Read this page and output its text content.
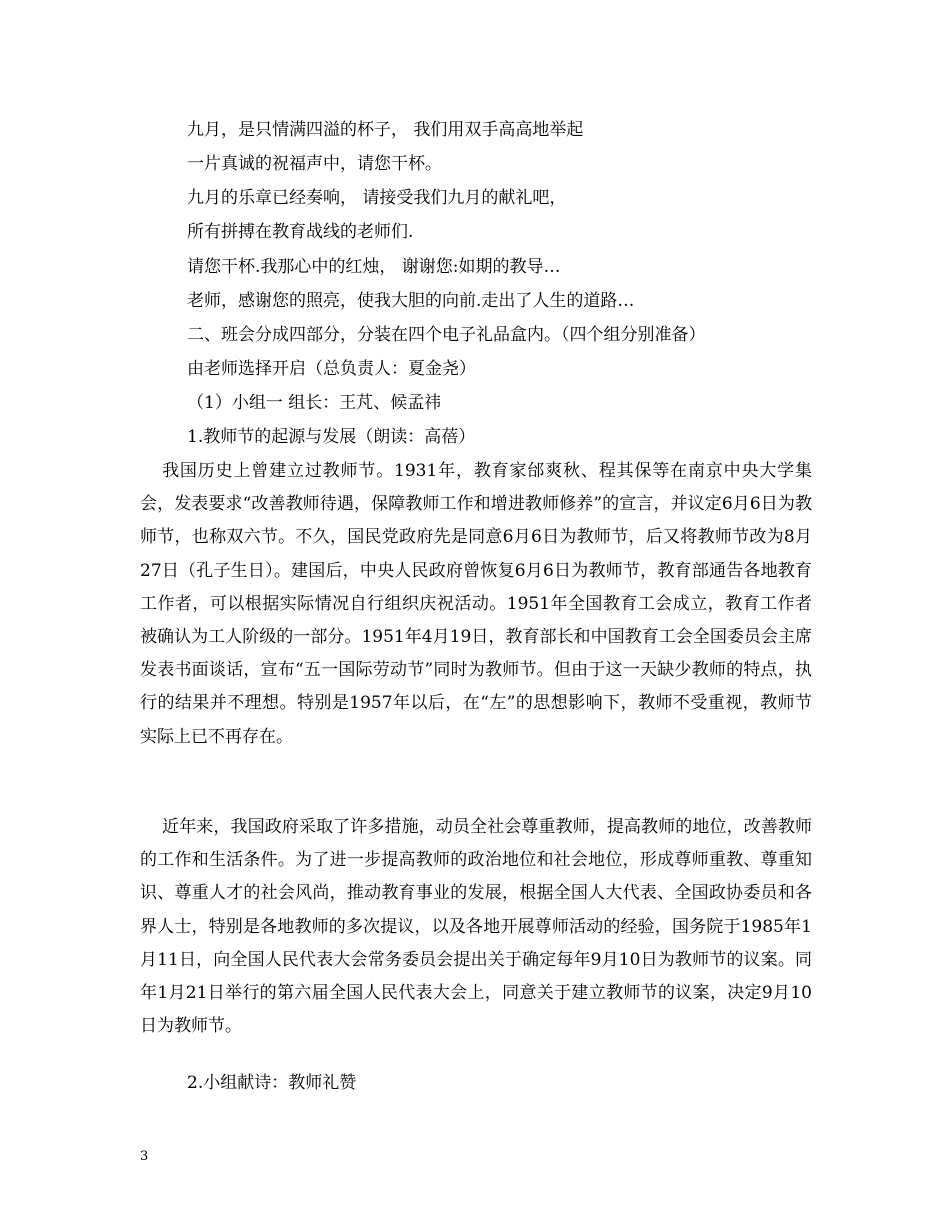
九月，是只情满四溢的杯子， 我们用双手高高地举起

一片真诚的祝福声中，请您干杯。

九月的乐章已经奏响， 请接受我们九月的献礼吧，

所有拼搏在教育战线的老师们.

请您干杯.我那心中的红烛， 谢谢您:如期的教导…

老师，感谢您的照亮，使我大胆的向前.走出了人生的道路…

二、班会分成四部分，分装在四个电子礼品盒内。（四个组分别准备）

由老师选择开启（总负责人：夏金尧）

（1）小组一 组长：王芃、候孟祎

1.教师节的起源与发展（朗读：高蓓）

我国历史上曾建立过教师节。1931年，教育家邰爽秋、程其保等在南京中央大学集会，发表要求“改善教师待遇，保障教师工作和增进教师修养”的宣言，并议定6月6日为教师节，也称双六节。不久，国民党政府先是同意6月6日为教师节，后又将教师节改为8月27日（孔子生日）。建国后，中央人民政府曾恢复6月6日为教师节，教育部通告各地教育工作者，可以根据实际情况自行组织庆祝活动。1951年全国教育工会成立，教育工作者被确认为工人阶级的一部分。1951年4月19日，教育部长和中国教育工会全国委员会主席发表书面谈话，宣布“五一国际劳动节”同时为教师节。但由于这一天缺少教师的特点，执行的结果并不理想。特别是1957年以后，在“左”的思想影响下，教师不受重视，教师节实际上已不再存在。

近年来，我国政府采取了许多措施，动员全社会尊重教师，提高教师的地位，改善教师的工作和生活条件。为了进一步提高教师的政治地位和社会地位，形成尊师重教、尊重知识、尊重人才的社会风尚，推动教育事业的发展，根据全国人大代表、全国政协委员和各界人士，特别是各地教师的多次提议，以及各地开展尊师活动的经验，国务院于1985年1月11日，向全国人民代表大会常务委员会提出关于确定每年9月10日为教师节的议案。同年1月21日举行的第六届全国人民代表大会上，同意关于建立教师节的议案，决定9月10日为教师节。

2.小组献诗：教师礼赞

3
